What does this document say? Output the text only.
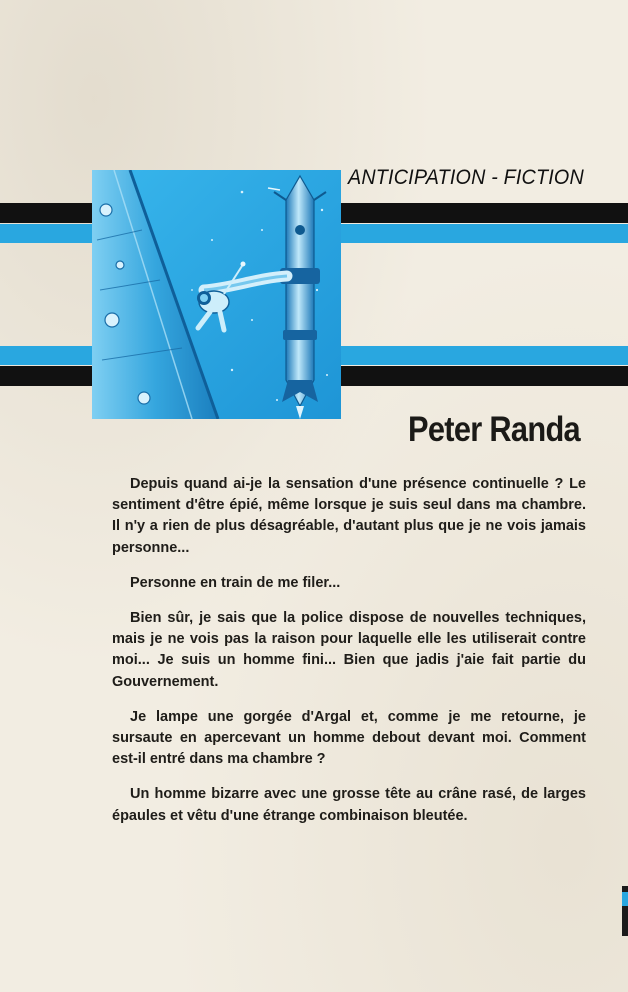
ANTICIPATION - FICTION
Peter Randa

Depuis quand ai-je la sensation d'une présence continuelle ? Le sentiment d'être épié, même lorsque je suis seul dans ma chambre. Il n'y a rien de plus désagréable, d'autant plus que je ne vois jamais personne...

Personne en train de me filer...

Bien sûr, je sais que la police dispose de nouvelles techniques, mais je ne vois pas la raison pour laquelle elle les utiliserait contre moi... Je suis un homme fini... Bien que jadis j'aie fait partie du Gouvernement.

Je lampe une gorgée d'Argal et, comme je me retourne, je sursaute en apercevant un homme debout devant moi. Comment est-il entré dans ma chambre ?

Un homme bizarre avec une grosse tête au crâne rasé, de larges épaules et vêtu d'une étrange combinaison bleutée.
